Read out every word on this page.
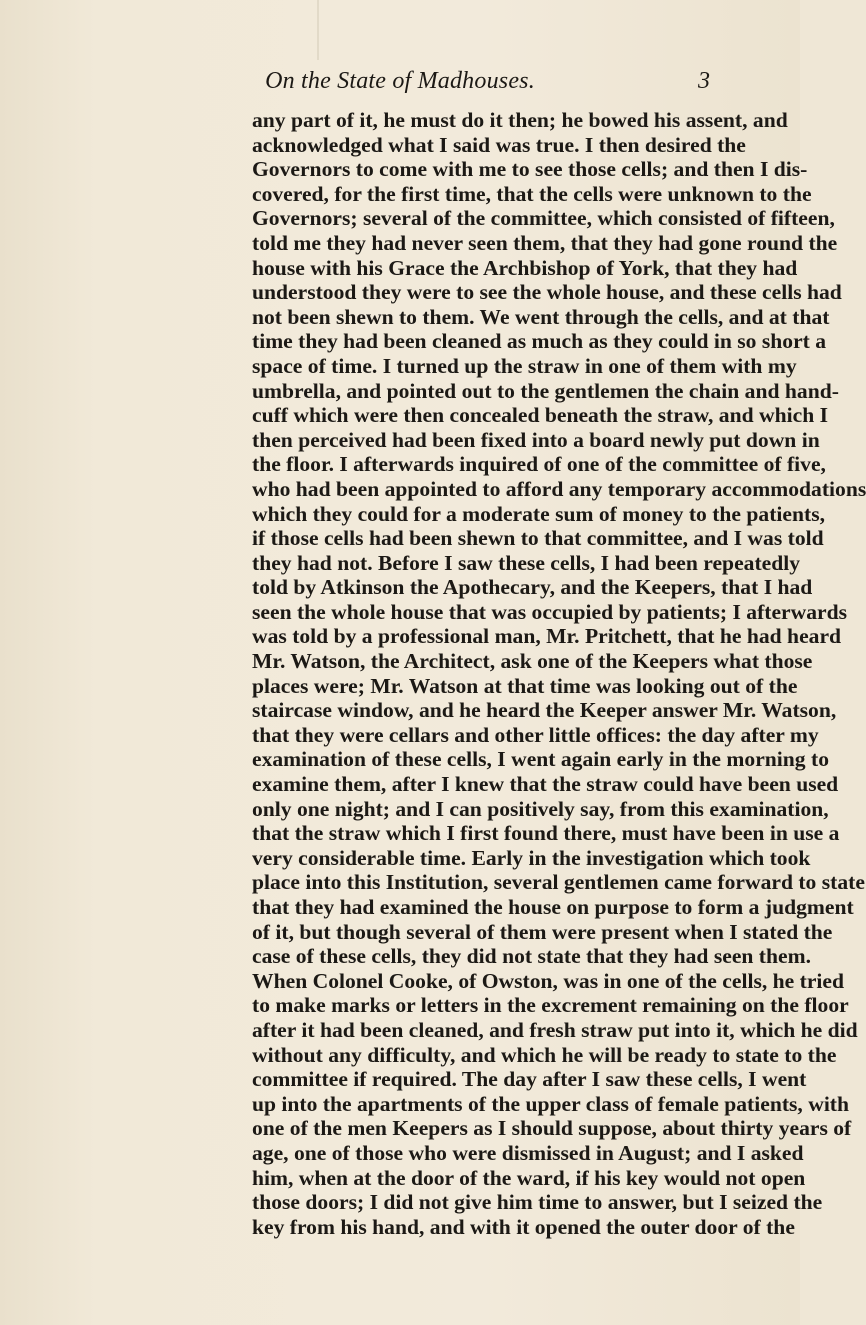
On the State of Madhouses.	3
any part of it, he must do it then; he bowed his assent, and
acknowledged what I said was true. I then desired the
Governors to come with me to see those cells; and then I dis-
covered, for the first time, that the cells were unknown to the
Governors; several of the committee, which consisted of fifteen,
told me they had never seen them, that they had gone round the
house with his Grace the Archbishop of York, that they had
understood they were to see the whole house, and these cells had
not been shewn to them. We went through the cells, and at that
time they had been cleaned as much as they could in so short a
space of time. I turned up the straw in one of them with my
umbrella, and pointed out to the gentlemen the chain and hand-
cuff which were then concealed beneath the straw, and which I
then perceived had been fixed into a board newly put down in
the floor. I afterwards inquired of one of the committee of five,
who had been appointed to afford any temporary accommodations
which they could for a moderate sum of money to the patients,
if those cells had been shewn to that committee, and I was told
they had not. Before I saw these cells, I had been repeatedly
told by Atkinson the Apothecary, and the Keepers, that I had
seen the whole house that was occupied by patients; I afterwards
was told by a professional man, Mr. Pritchett, that he had heard
Mr. Watson, the Architect, ask one of the Keepers what those
places were; Mr. Watson at that time was looking out of the
staircase window, and he heard the Keeper answer Mr. Watson,
that they were cellars and other little offices: the day after my
examination of these cells, I went again early in the morning to
examine them, after I knew that the straw could have been used
only one night; and I can positively say, from this examination,
that the straw which I first found there, must have been in use a
very considerable time. Early in the investigation which took
place into this Institution, several gentlemen came forward to state
that they had examined the house on purpose to form a judgment
of it, but though several of them were present when I stated the
case of these cells, they did not state that they had seen them.
When Colonel Cooke, of Owston, was in one of the cells, he tried
to make marks or letters in the excrement remaining on the floor
after it had been cleaned, and fresh straw put into it, which he did
without any difficulty, and which he will be ready to state to the
committee if required. The day after I saw these cells, I went
up into the apartments of the upper class of female patients, with
one of the men Keepers as I should suppose, about thirty years of
age, one of those who were dismissed in August; and I asked
him, when at the door of the ward, if his key would not open
those doors; I did not give him time to answer, but I seized the
key from his hand, and with it opened the outer door of the
